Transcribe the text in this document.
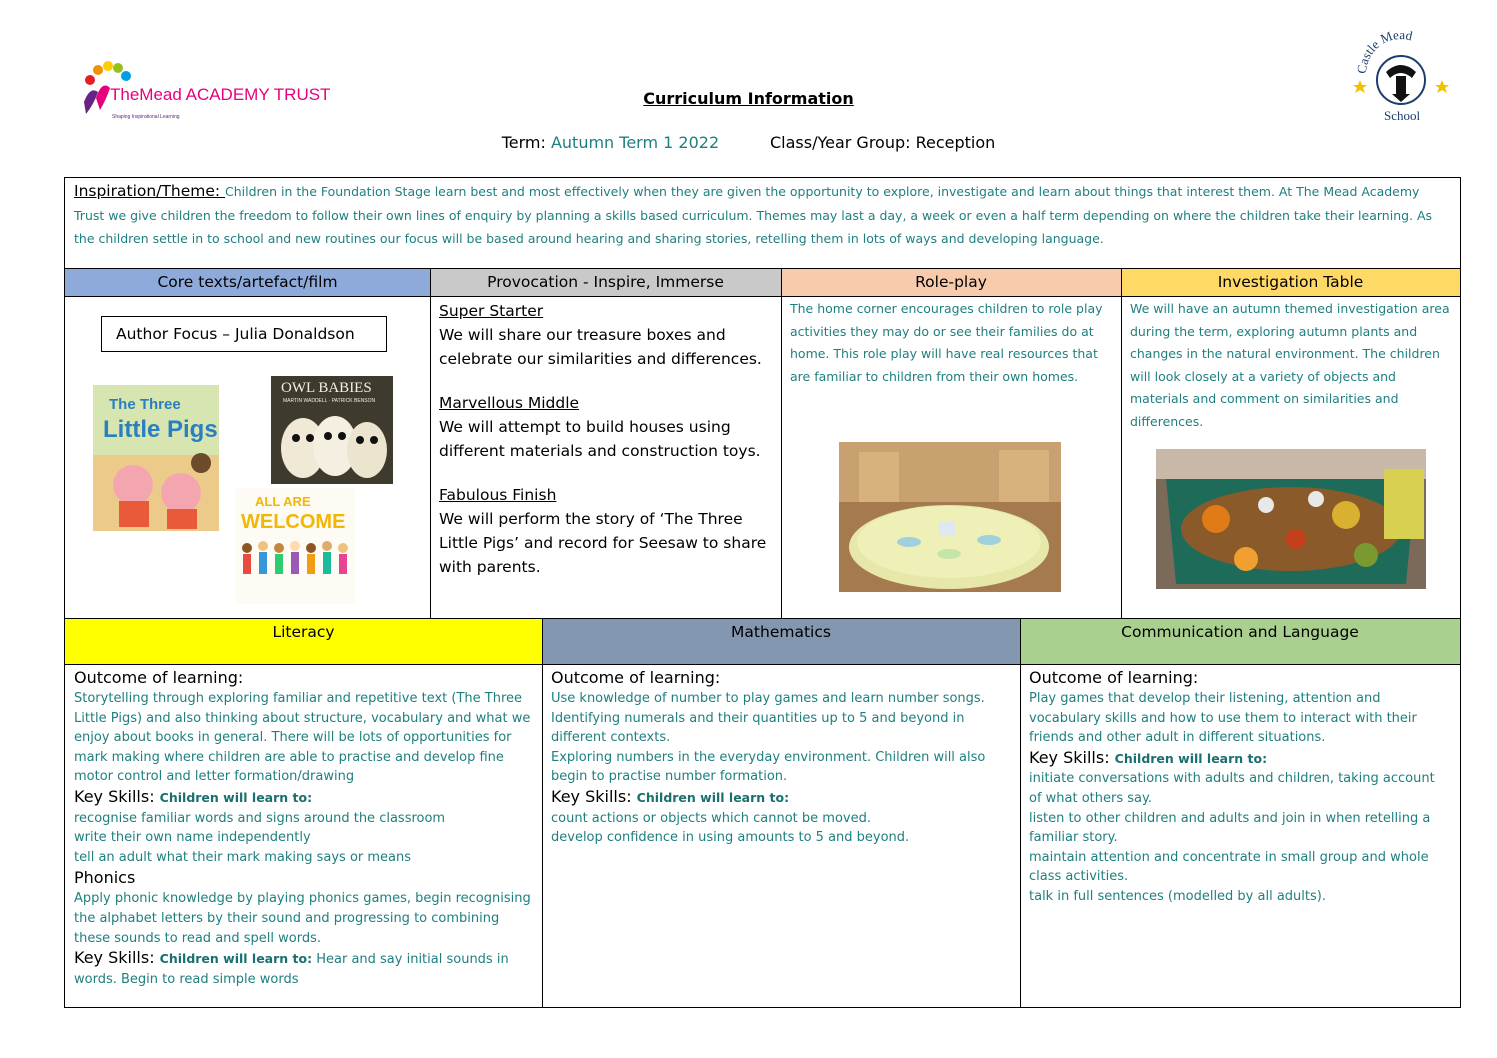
TheMead ACADEMY TRUST
Shaping Inspirational Learning
Castle Mead
School
Curriculum Information
Term: Autumn Term 1 2022	Class/Year Group: Reception
Inspiration/Theme: Children in the Foundation Stage learn best and most effectively when they are given the opportunity to explore, investigate and learn about things that interest them. At The Mead Academy Trust we give children the freedom to follow their own lines of enquiry by planning a skills based curriculum. Themes may last a day, a week or even a half term depending on where the children take their learning. As the children settle in to school and new routines our focus will be based around hearing and sharing stories, retelling them in lots of ways and developing language.
Core texts/artefact/film	Provocation - Inspire, Immerse	Role-play	Investigation Table
Author Focus – Julia Donaldson
The Three
Little Pigs
OWL BABIES
MARTIN WADDELL · PATRICK BENSON
ALL ARE
WELCOME
Super Starter

We will share our treasure boxes and celebrate our similarities and differences.

Marvellous Middle

We will attempt to build houses using different materials and construction toys.

Fabulous Finish

We will perform the story of ‘The Three Little Pigs’ and record for Seesaw to share with parents.

The home corner encourages children to role play activities they may do or see their families do at home. This role play will have real resources that are familiar to children from their own homes.
We will have an autumn themed investigation area during the term, exploring autumn plants and changes in the natural environment. The children will look closely at a variety of objects and materials and comment on similarities and differences.
Literacy	Mathematics	Communication and Language
Outcome of learning:
Storytelling through exploring familiar and repetitive text (The Three Little Pigs) and also thinking about structure, vocabulary and what we enjoy about books in general. There will be lots of opportunities for mark making where children are able to practise and develop fine motor control and letter formation/drawing
Key Skills: Children will learn to:
recognise familiar words and signs around the classroom
write their own name independently
tell an adult what their mark making says or means
Phonics
Apply phonic knowledge by playing phonics games, begin recognising the alphabet letters by their sound and progressing to combining these sounds to read and spell words.
Key Skills: Children will learn to: Hear and say initial sounds in words. Begin to read simple words
Outcome of learning:
Use knowledge of number to play games and learn number songs.
Identifying numerals and their quantities up to 5 and beyond in different contexts.
Exploring numbers in the everyday environment. Children will also begin to practise number formation.
Key Skills: Children will learn to:
count actions or objects which cannot be moved.
develop confidence in using amounts to 5 and beyond.
Outcome of learning:
Play games that develop their listening, attention and vocabulary skills and how to use them to interact with their friends and other adult in different situations.
Key Skills: Children will learn to:
initiate conversations with adults and children, taking account of what others say.
listen to other children and adults and join in when retelling a familiar story.
maintain attention and concentrate in small group and whole class activities.
talk in full sentences (modelled by all adults).
